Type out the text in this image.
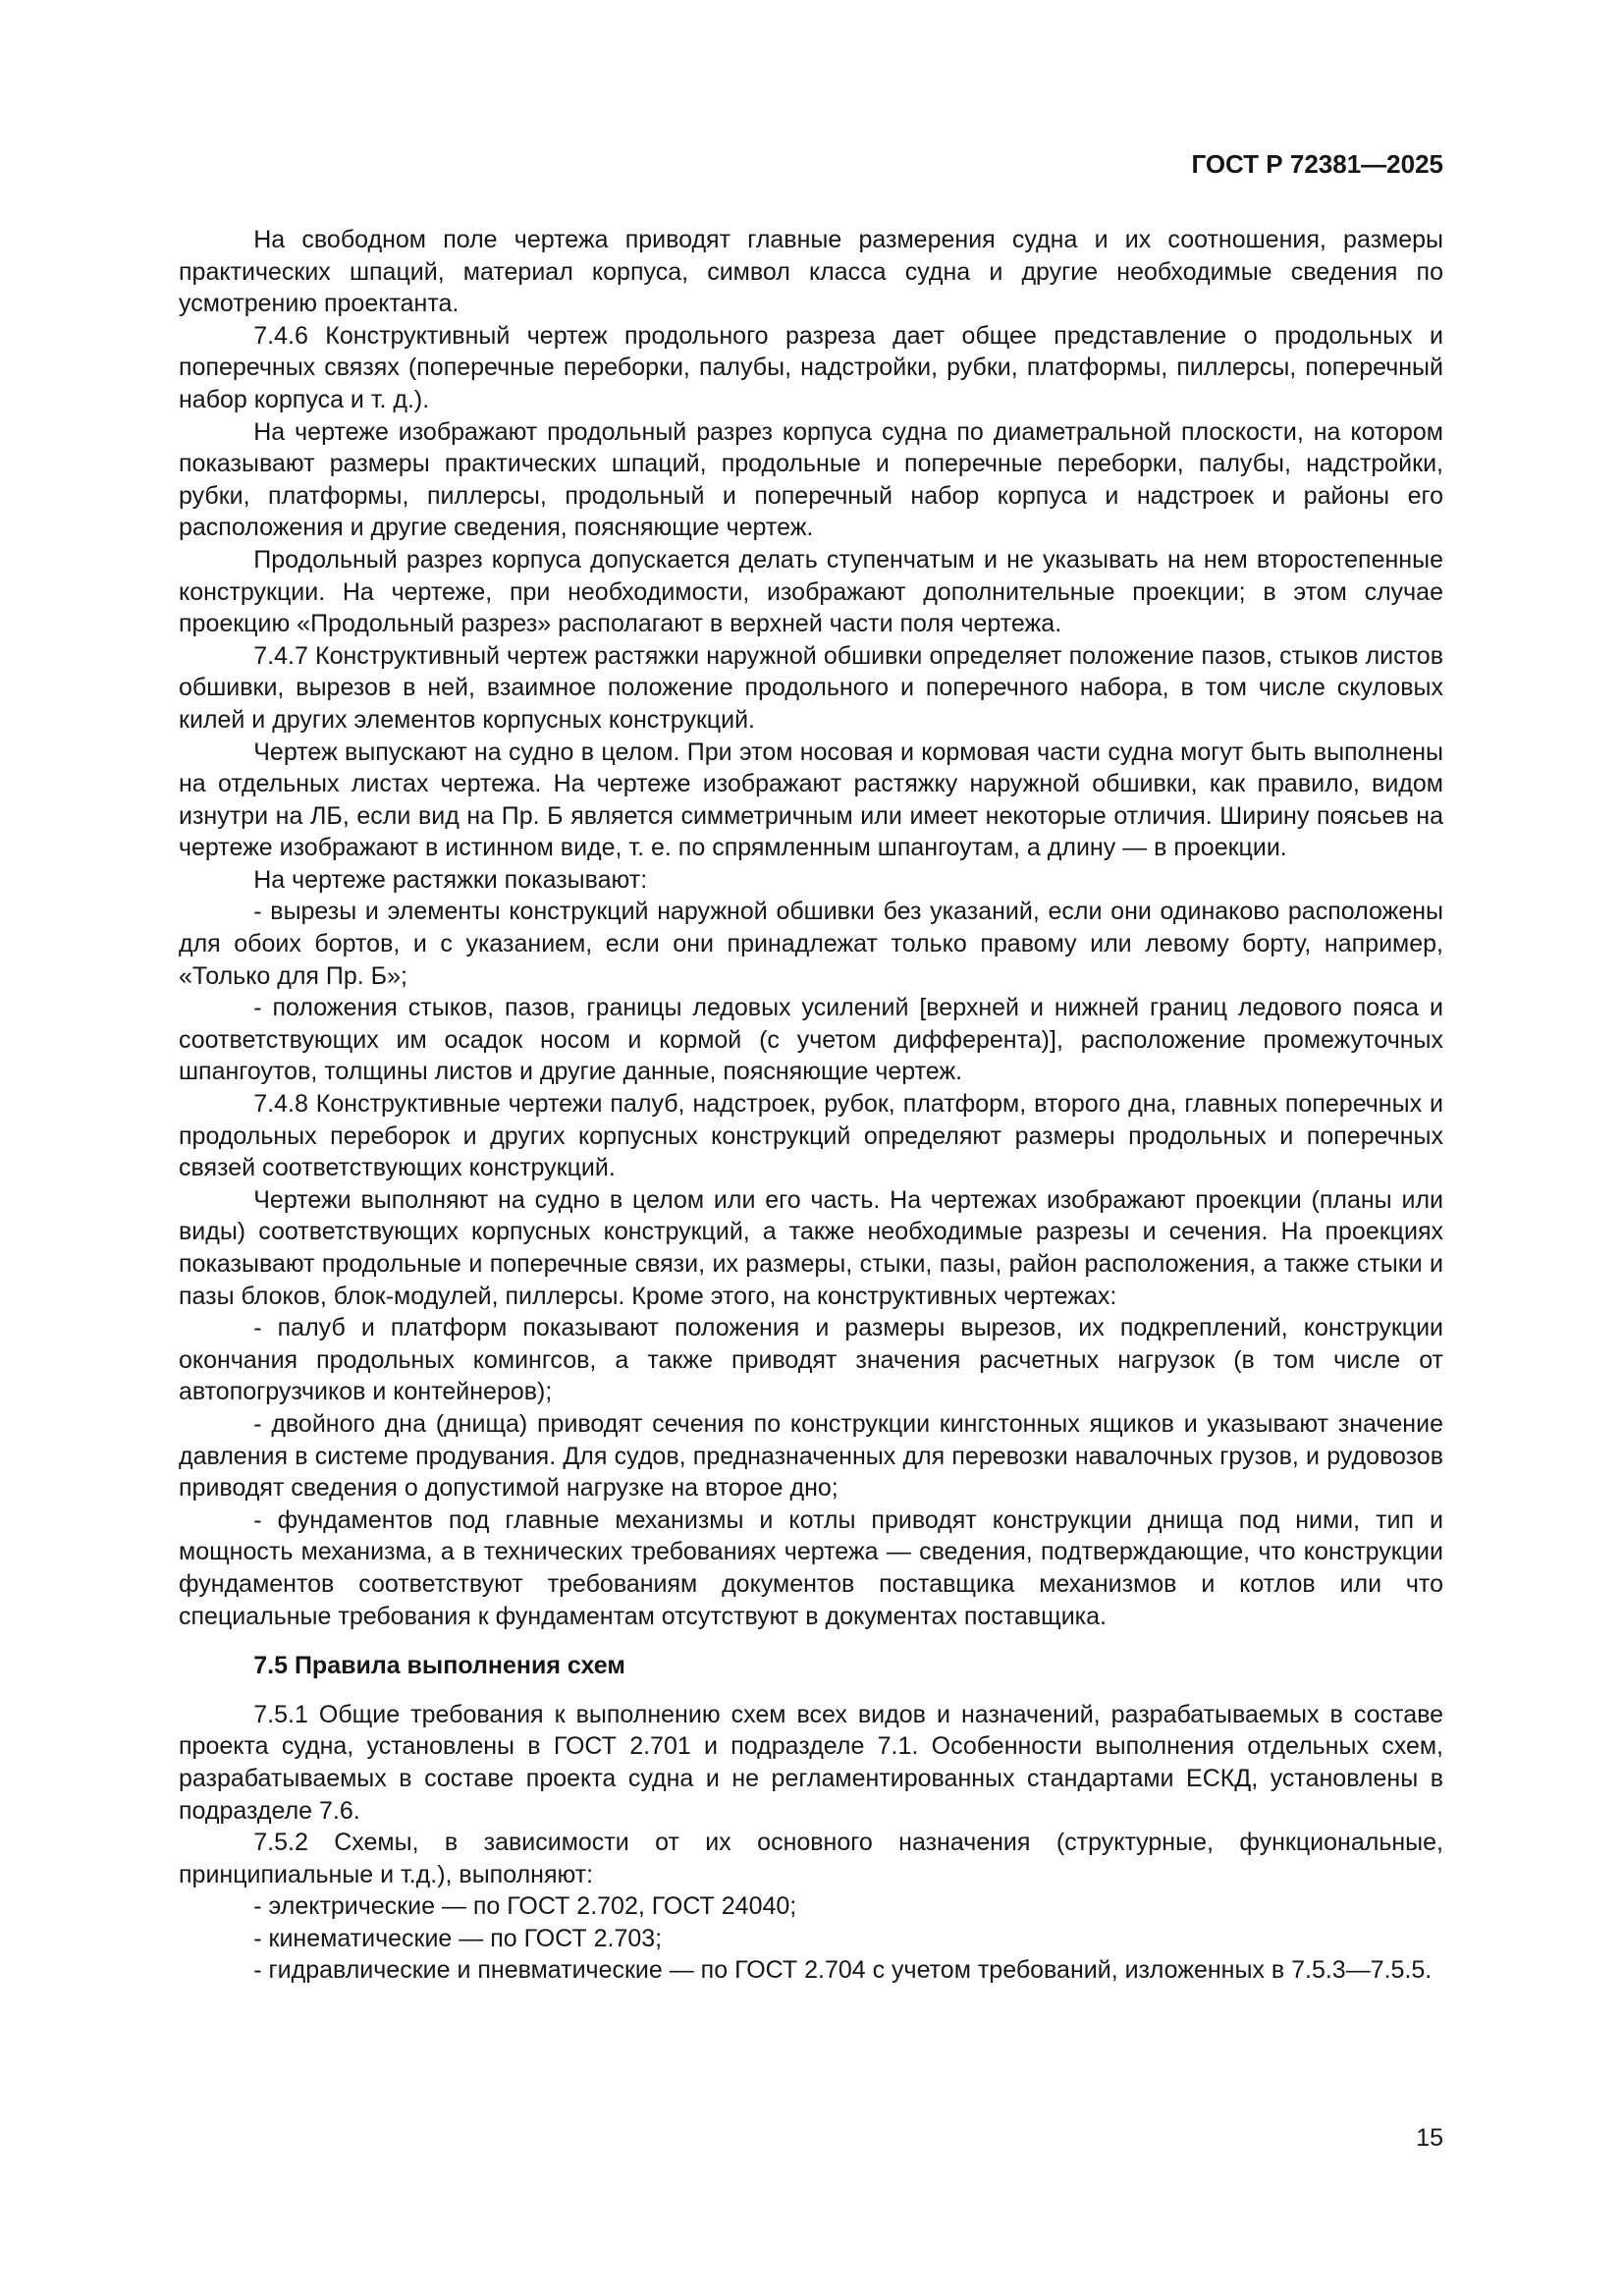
ГОСТ Р 72381—2025

На свободном поле чертежа приводят главные размерения судна и их соотношения, размеры практических шпаций, материал корпуса, символ класса судна и другие необходимые сведения по усмотрению проектанта.

7.4.6 Конструктивный чертеж продольного разреза дает общее представление о продольных и поперечных связях (поперечные переборки, палубы, надстройки, рубки, платформы, пиллерсы, поперечный набор корпуса и т. д.).

На чертеже изображают продольный разрез корпуса судна по диаметральной плоскости, на котором показывают размеры практических шпаций, продольные и поперечные переборки, палубы, надстройки, рубки, платформы, пиллерсы, продольный и поперечный набор корпуса и надстроек и районы его расположения и другие сведения, поясняющие чертеж.

Продольный разрез корпуса допускается делать ступенчатым и не указывать на нем второстепенные конструкции. На чертеже, при необходимости, изображают дополнительные проекции; в этом случае проекцию «Продольный разрез» располагают в верхней части поля чертежа.

7.4.7 Конструктивный чертеж растяжки наружной обшивки определяет положение пазов, стыков листов обшивки, вырезов в ней, взаимное положение продольного и поперечного набора, в том числе скуловых килей и других элементов корпусных конструкций.

Чертеж выпускают на судно в целом. При этом носовая и кормовая части судна могут быть выполнены на отдельных листах чертежа. На чертеже изображают растяжку наружной обшивки, как правило, видом изнутри на ЛБ, если вид на Пр. Б является симметричным или имеет некоторые отличия. Ширину поясьев на чертеже изображают в истинном виде, т. е. по спрямленным шпангоутам, а длину — в проекции.

На чертеже растяжки показывают:

- вырезы и элементы конструкций наружной обшивки без указаний, если они одинаково расположены для обоих бортов, и с указанием, если они принадлежат только правому или левому борту, например, «Только для Пр. Б»;

- положения стыков, пазов, границы ледовых усилений [верхней и нижней границ ледового пояса и соответствующих им осадок носом и кормой (с учетом дифферента)], расположение промежуточных шпангоутов, толщины листов и другие данные, поясняющие чертеж.

7.4.8 Конструктивные чертежи палуб, надстроек, рубок, платформ, второго дна, главных поперечных и продольных переборок и других корпусных конструкций определяют размеры продольных и поперечных связей соответствующих конструкций.

Чертежи выполняют на судно в целом или его часть. На чертежах изображают проекции (планы или виды) соответствующих корпусных конструкций, а также необходимые разрезы и сечения. На проекциях показывают продольные и поперечные связи, их размеры, стыки, пазы, район расположения, а также стыки и пазы блоков, блок-модулей, пиллерсы. Кроме этого, на конструктивных чертежах:

- палуб и платформ показывают положения и размеры вырезов, их подкреплений, конструкции окончания продольных комингсов, а также приводят значения расчетных нагрузок (в том числе от автопогрузчиков и контейнеров);

- двойного дна (днища) приводят сечения по конструкции кингстонных ящиков и указывают значение давления в системе продувания. Для судов, предназначенных для перевозки навалочных грузов, и рудовозов приводят сведения о допустимой нагрузке на второе дно;

- фундаментов под главные механизмы и котлы приводят конструкции днища под ними, тип и мощность механизма, а в технических требованиях чертежа — сведения, подтверждающие, что конструкции фундаментов соответствуют требованиям документов поставщика механизмов и котлов или что специальные требования к фундаментам отсутствуют в документах поставщика.

7.5 Правила выполнения схем

7.5.1 Общие требования к выполнению схем всех видов и назначений, разрабатываемых в составе проекта судна, установлены в ГОСТ 2.701 и подразделе 7.1. Особенности выполнения отдельных схем, разрабатываемых в составе проекта судна и не регламентированных стандартами ЕСКД, установлены в подразделе 7.6.

7.5.2 Схемы, в зависимости от их основного назначения (структурные, функциональные, принципиальные и т.д.), выполняют:

- электрические — по ГОСТ 2.702, ГОСТ 24040;

- кинематические — по ГОСТ 2.703;

- гидравлические и пневматические — по ГОСТ 2.704 с учетом требований, изложенных в 7.5.3—7.5.5.

15
